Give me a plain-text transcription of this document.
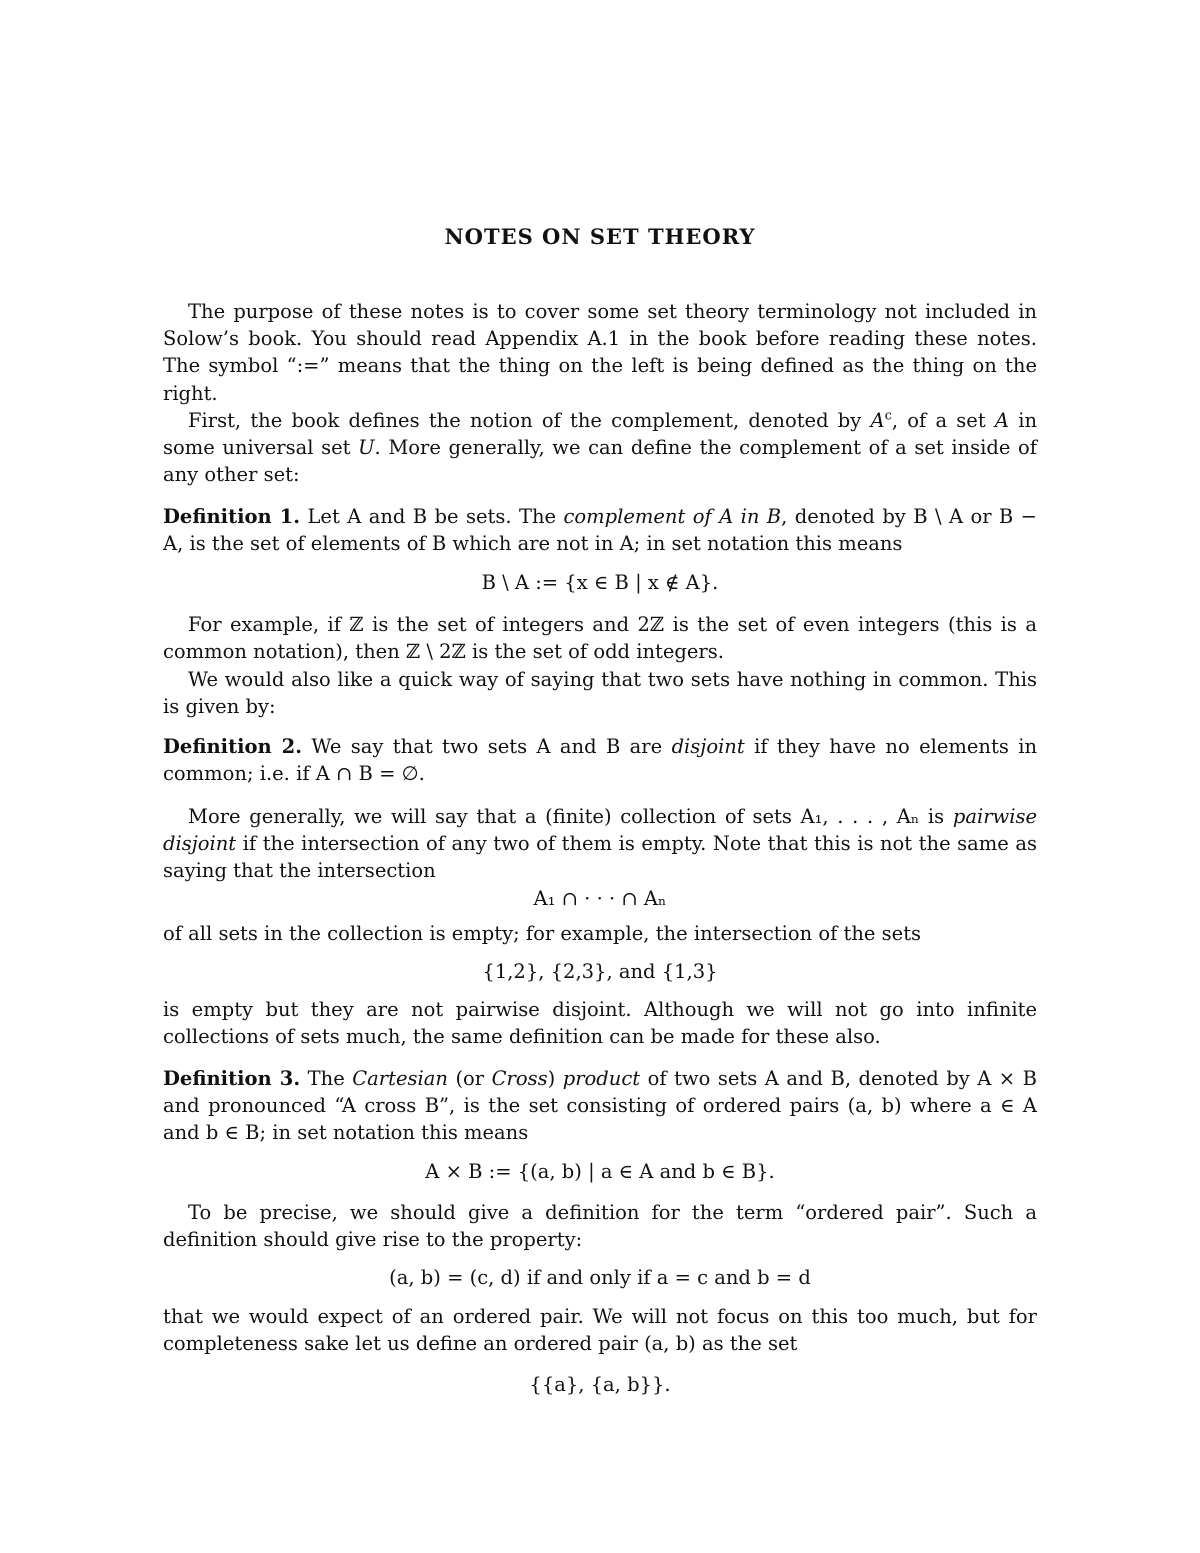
NOTES ON SET THEORY
The purpose of these notes is to cover some set theory terminology not included in Solow’s book. You should read Appendix A.1 in the book before reading these notes. The symbol “:=” means that the thing on the left is being defined as the thing on the right.
First, the book defines the notion of the complement, denoted by $A^c$, of a set A in some universal set U. More generally, we can define the complement of a set inside of any other set:
Definition 1. Let A and B be sets. The complement of A in B, denoted by B \ A or B − A, is the set of elements of B which are not in A; in set notation this means
B \ A := {x ∈ B | x ∉ A}.
For example, if ℤ is the set of integers and 2ℤ is the set of even integers (this is a common notation), then ℤ \ 2ℤ is the set of odd integers.
We would also like a quick way of saying that two sets have nothing in common. This is given by:
Definition 2. We say that two sets A and B are disjoint if they have no elements in common; i.e. if A ∩ B = ∅.
More generally, we will say that a (finite) collection of sets A₁, . . . , Aₙ is pairwise disjoint if the intersection of any two of them is empty. Note that this is not the same as saying that the intersection
A₁ ∩ · · · ∩ Aₙ
of all sets in the collection is empty; for example, the intersection of the sets
{1,2}, {2,3}, and {1,3}
is empty but they are not pairwise disjoint. Although we will not go into infinite collections of sets much, the same definition can be made for these also.
Definition 3. The Cartesian (or Cross) product of two sets A and B, denoted by A × B and pronounced “A cross B”, is the set consisting of ordered pairs (a, b) where a ∈ A and b ∈ B; in set notation this means
A × B := {(a, b) | a ∈ A and b ∈ B}.
To be precise, we should give a definition for the term “ordered pair”. Such a definition should give rise to the property:
(a, b) = (c, d) if and only if a = c and b = d
that we would expect of an ordered pair. We will not focus on this too much, but for completeness sake let us define an ordered pair (a, b) as the set
{{a}, {a, b}}.
